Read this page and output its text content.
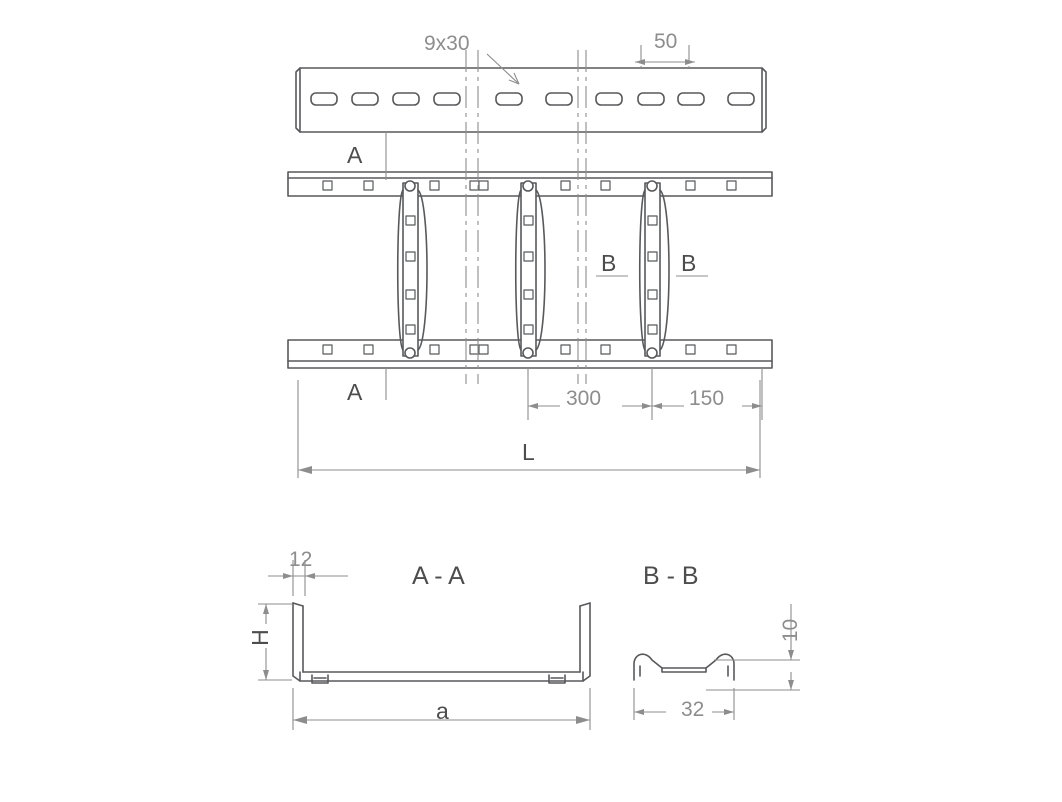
9x30	50
A
A
B	B
300	150
L
12
H
a	32
10
A - A	B - B
